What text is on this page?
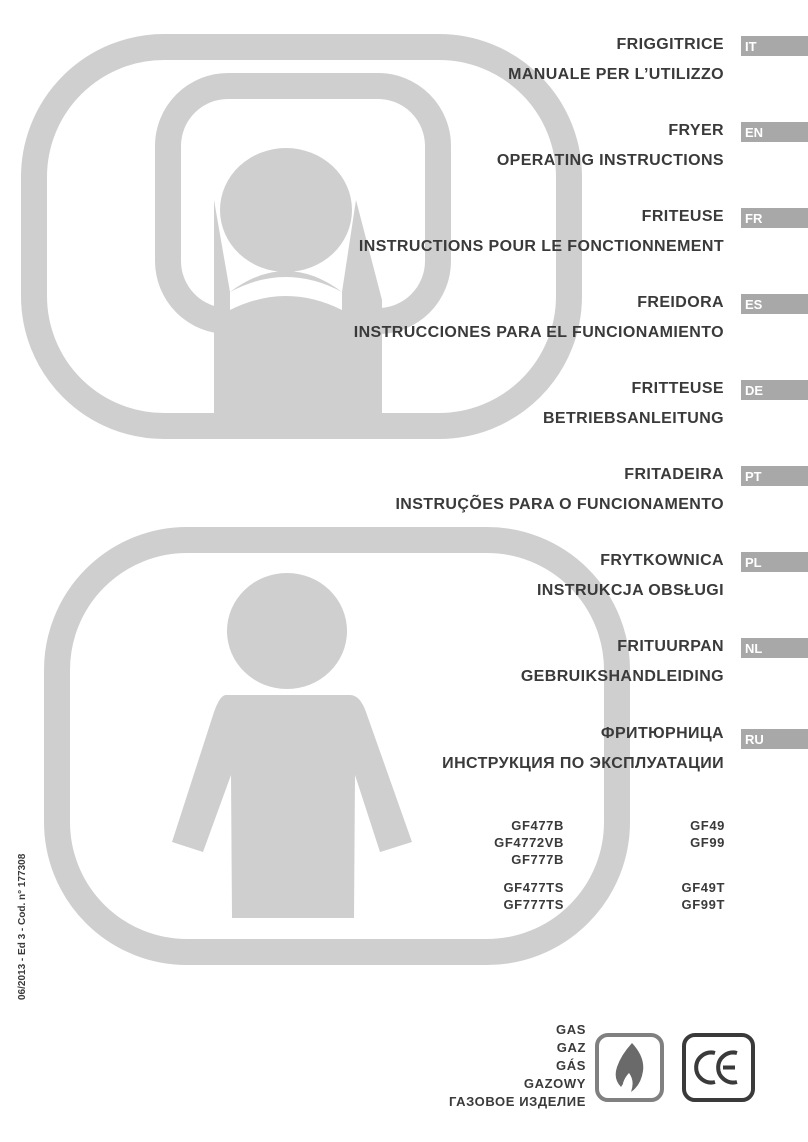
FRIGGITRICE
MANUALE PER L’UTILIZZO
IT
FRYER
OPERATING INSTRUCTIONS
EN
FRITEUSE
INSTRUCTIONS POUR LE FONCTIONNEMENT
FR
FREIDORA
INSTRUCCIONES PARA EL FUNCIONAMIENTO
ES
FRITTEUSE
BETRIEBSANLEITUNG
DE
FRITADEIRA
INSTRUÇÕES PARA O FUNCIONAMENTO
PT
FRYTKOWNICA
INSTRUKCJA OBSŁUGI
PL
FRITUURPAN
GEBRUIKSHANDLEIDING
NL
ФРИТЮРНИЦА
ИНСТРУКЦИЯ ПО ЭКСПЛУАТАЦИИ
RU
GF477B
GF4772VB
GF777B
GF49
GF99
GF477TS
GF777TS
GF49T
GF99T
GAS
GAZ
GÁS
GAZOWY
ГАЗОВОЕ ИЗДЕЛИЕ
06/2013 - Ed 3 - Cod. n° 177308
